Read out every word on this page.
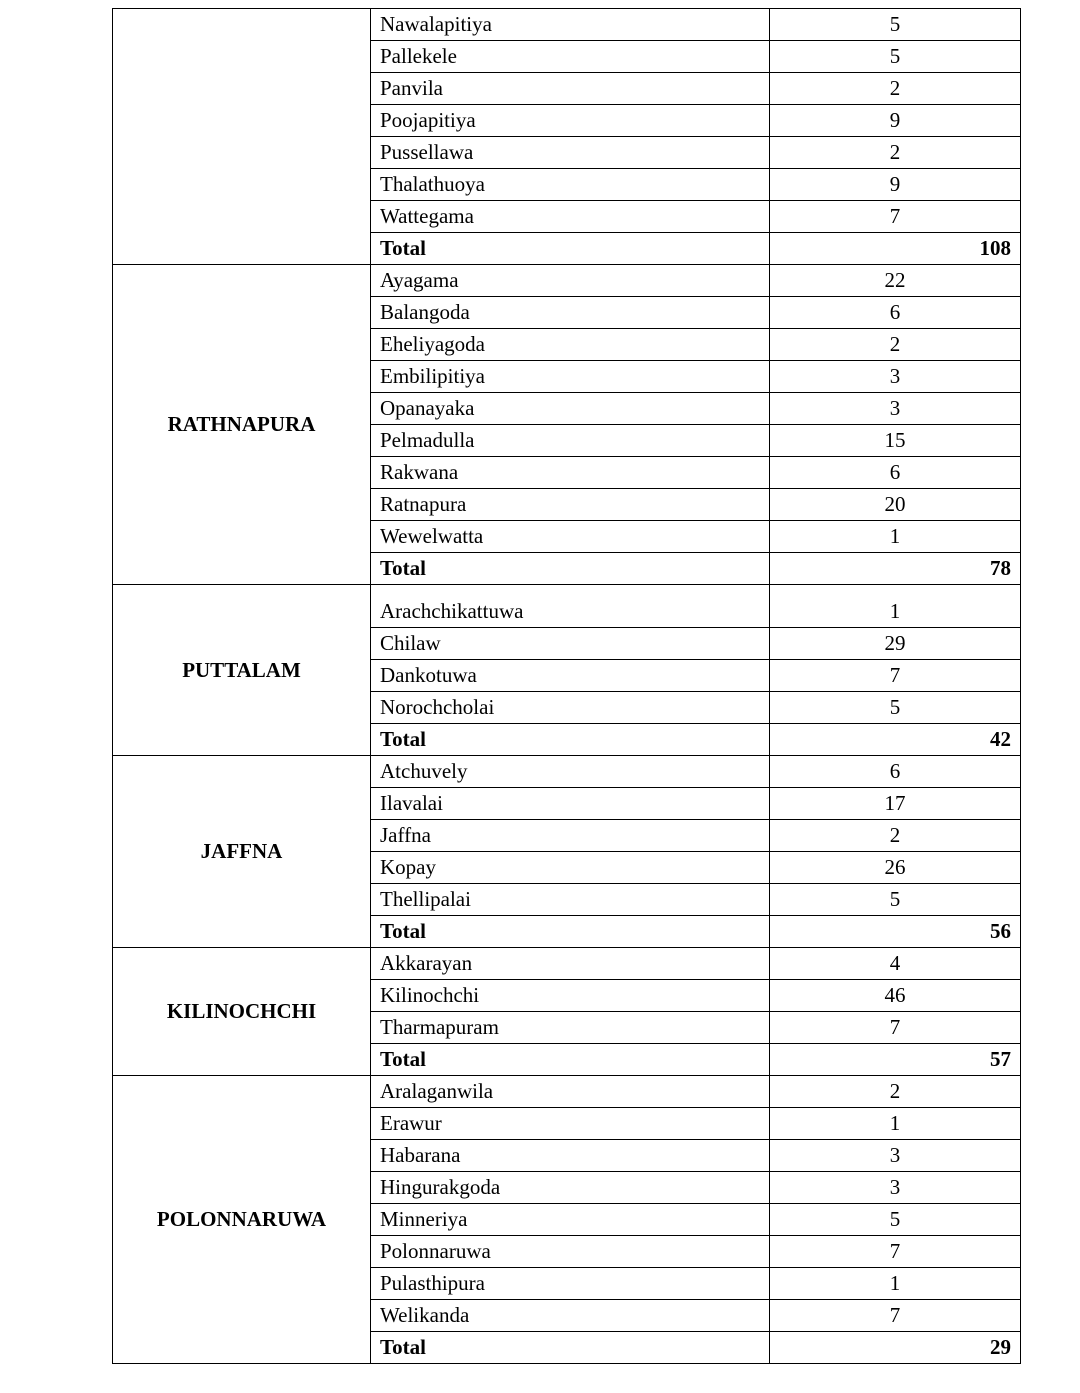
	Nawalapitiya	5
	Pallekele	5
	Panvila	2
	Poojapitiya	9
	Pussellawa	2
	Thalathuoya	9
	Wattegama	7
	Total	108
RATHNAPURA	Ayagama	22
	Balangoda	6
	Eheliyagoda	2
	Embilipitiya	3
	Opanayaka	3
	Pelmadulla	15
	Rakwana	6
	Ratnapura	20
	Wewelwatta	1
	Total	78
PUTTALAM	Arachchikattuwa	1
	Chilaw	29
	Dankotuwa	7
	Norochcholai	5
	Total	42
JAFFNA	Atchuvely	6
	Ilavalai	17
	Jaffna	2
	Kopay	26
	Thellipalai	5
	Total	56
KILINOCHCHI	Akkarayan	4
	Kilinochchi	46
	Tharmapuram	7
	Total	57
POLONNARUWA	Aralaganwila	2
	Erawur	1
	Habarana	3
	Hingurakgoda	3
	Minneriya	5
	Polonnaruwa	7
	Pulasthipura	1
	Welikanda	7
	Total	29
